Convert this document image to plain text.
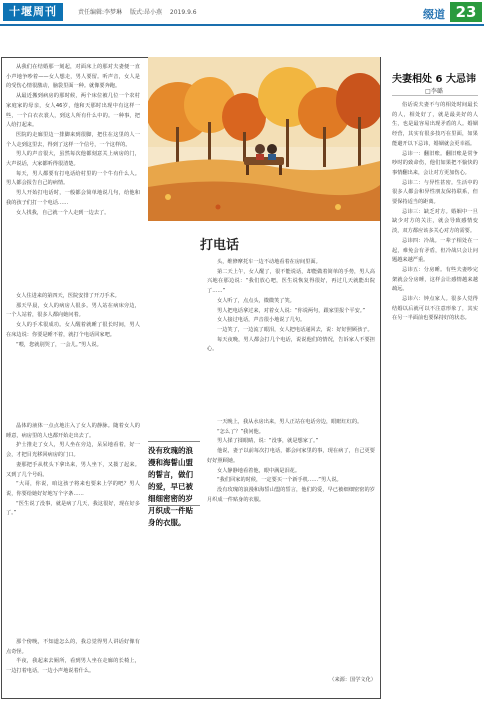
十堰周刊	责任编辑:李梦琳 版式:昂小燕 2019.9.6	缀道 23
打电话

从我们在结婚那一刻起，对面床上的那对夫妻便一直小声地争吵着——女人想走，男人要留。听声音，女人是的受伤心情很激动，脑袋里面一种。就像要奔跑。

从最近搬到病房的那时候，两个床位被几位一个农村家庭家的母亲，女人46岁，他和天那时出现中有这样一些，一个白衣衣裳人，到这人所有什么中的。一种事，把人给打起来。

医院的走廊里边一排脚来到很脚，把住在这里的人一个人走到这里去，得到了这样一个信号，一个这样的。

男人的声音很大，虽然每次他都刻意关上病房的门，大声说话，大家都听得很清楚。

每天，男人都要有打电话给村里的一个牛有什么人。男人都会报告自己的病情。

男人开始打电话时，一般都会简单地说几句，给他和我的孩子们打一个电话……

女人找我，自己就一个人走到一边去了。

女人住进来的第四天，医院安排了开刀手术。

那天早晨，女人的病房人很多。男人站在病床旁边，一个人站着，很多人都向她问着。

女人的手术很成功。女人醒着就睡了很长时间，男人在床边说：你要是睡不着，就打个电话回家吧。

“喂，您就别哭了，一会儿。”男人说。

晶体的液体一点点地注入了女人的静脉。随着女人的睡意，病房里的人也都开始走出去了。

护士推走了女人，男人坐在旁边，呆呆地看着，好一会，才把目光移回病房的门口。

妻那把手从枕头下拿出来，男人坐下，又拨了起来。又到了几个号码。

“大哥，你说，咱这孩子将来也要来上学的吧？男人说，你要给她好好地写个字条……

“医生说了没事，就是病了几天，我这很好，现在好多了。”

那个傍晚，不知道怎么的，我总觉得男人讲话好像有点奇怪。

半夜，我起来去厕所，看到男人坐在走廊的长椅上，一边打着电话，一边小声地说着什么。

头，维修摩托车一边不动地看着在房间里面。

第二天上午，女人醒了，很不能说话，却能做着简单的手势，男人高兴地在那边说：“我们放心吧，医生说恢复得很好，再过几天就能出院了……”

女人听了，点点头，微微笑了笑。

男人把电话拿过来，对着女人说：“你说两句，跟家里报个平安。”

女人接过电话，声音很小地说了几句。

一边笑了，一边流了眼泪，女人把电话递回去，说：好好照顾孩子。

每天夜晚，男人都会打几个电话，说说他们的情况，告诉家人不要担心。

一天晚上，我从水房出来，男人正站在电话旁边，眼眶红红的。

“怎么了？”我问他。

男人揉了揉眼睛，说：“没事，就是想家了。”

他说，妻子以前每次打电话，都会问家里的事，现在病了，自己更要好好照顾她。

女人静静地看着他，眼中满是泪花。

“我们回家的时候，一定要买一个新手机……”男人说。

没有玫瑰的浪漫和海誓山盟的誓言，他们的爱，早已被细细密密的岁月织成一件贴身的衣服。

（来源：国学文化）
没有玫瑰的浪漫和海誓山盟的誓言，做们的爱，早已被细细密密的岁月织成一件贴身的衣服。
夫妻相处 6 大忌讳
□李璐

俗话说夫妻不与的相处时间最长的人，相处好了，就是最美好的人生，也是最容易出现矛盾的人。婚姻经营，其实有很多技巧在里面，如果能避开以下忌讳，婚姻就会更幸福。

忌讳一：翻旧账。翻旧账是常争吵时的致命伤，他们如果把不愉快的事情翻出来，会让对方更加伤心。

忌讳二：与异性甚密。生活中的很多人都会和异性朋友保持联系，但要保持适当的距离。

忌讳三：缺乏对方。婚姻中一旦缺少对方的关注，就会导致感情变淡，双方都应该多关心对方的需要。

忌讳四：冷战。一辈子相处在一起，难免会有矛盾，但冷战只会让问题越来越严重。

忌讳五：分房睡。有些夫妻吵完架就会分房睡，这样会让感情越来越疏远。

忌讳六：钟点家人。很多人觉得结婚以后就可以不注意形象了，其实在另一半面前也要保持好的状态。
